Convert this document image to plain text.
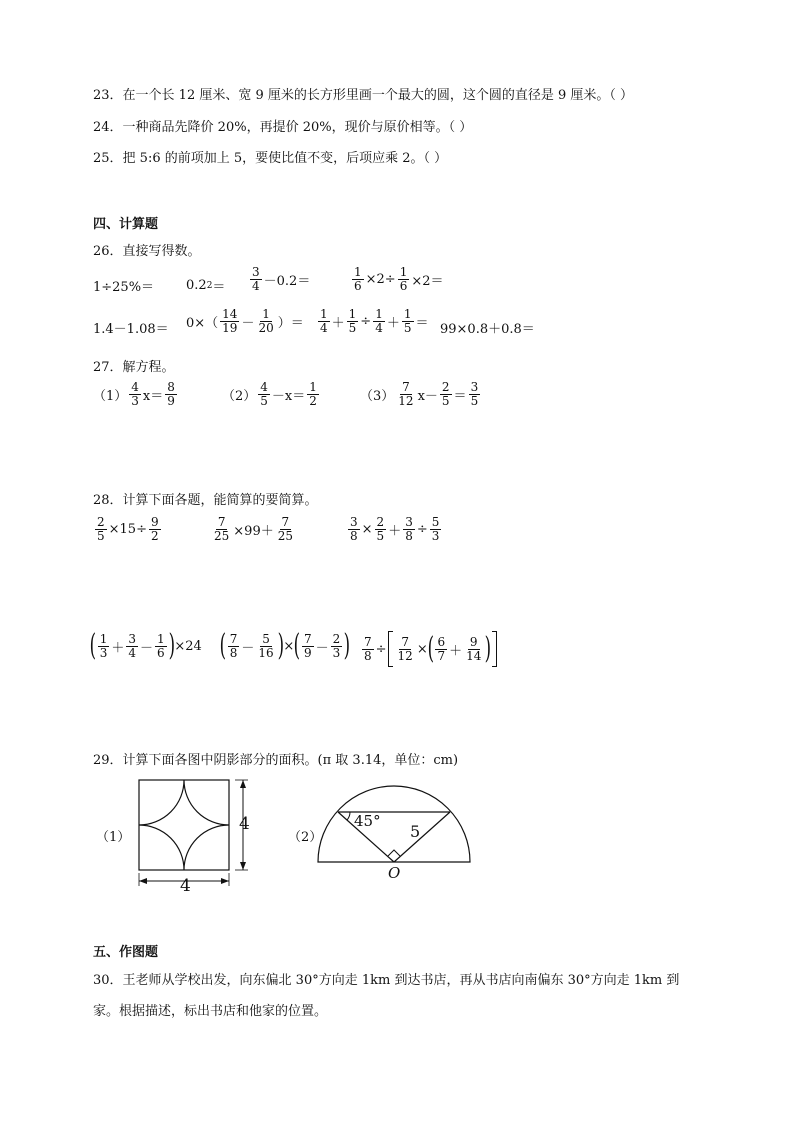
23．在一个长 12 厘米、宽 9 厘米的长方形里画一个最大的圆，这个圆的直径是 9 厘米。（ ）
24．一种商品先降价 20%，再提价 20%，现价与原价相等。（ ）
25．把 5:6 的前项加上 5，要使比值不变，后项应乘 2。（ ）
四、计算题
26．直接写得数。
1÷25%＝ 0.2 $2 = \frac{3}{4} -0.2=$	$\frac{1}{6} \times 2\div \frac{1}{6} \times 2=$
$1.4-1.08= 0\times( \frac{14}{19} - \frac{1}{20}$ ）＝ $\frac{1}{4} + \frac{1}{5} \div \frac{1}{4} + \frac{1}{5} = 99\times 0.8+0.8=$
27．解方程。
$(1) \frac{4}{3} x= \frac{8}{9}$	$(2) \frac{4}{5} -x= \frac{1}{2}$	$(3) \frac{7}{12} x- \frac{2}{5} = \frac{3}{5}$
28．计算下面各题，能简算的要简算。
$\frac{2}{5} \times 15\div \frac{9}{2}$	$\frac{7}{25} \times 99+ \frac{7}{25}$	$\frac{3}{8} \times \frac{2}{5} + \frac{3}{8} \div \frac{5}{3}$
( $\frac{1}{3} + \frac{3}{4} - \frac{1}{6}$ ) ×24 ( $\frac{7}{8} - \frac{5}{16}$ ) × ( $\frac{7}{9} - \frac{2}{3}$ ) $\frac{7}{8} \div \frac{7}{12}$ × ( $\frac{6}{7} + \frac{9}{14}$ )
29．计算下面各图中阴影部分的面积。(π 取 3.14，单位：cm)
（1）
4
4
（2）
45°
5
O
五、作图题
30．王老师从学校出发，向东偏北 30°方向走 1km 到达书店，再从书店向南偏东 30°方向走 1km 到
家。根据描述，标出书店和他家的位置。
